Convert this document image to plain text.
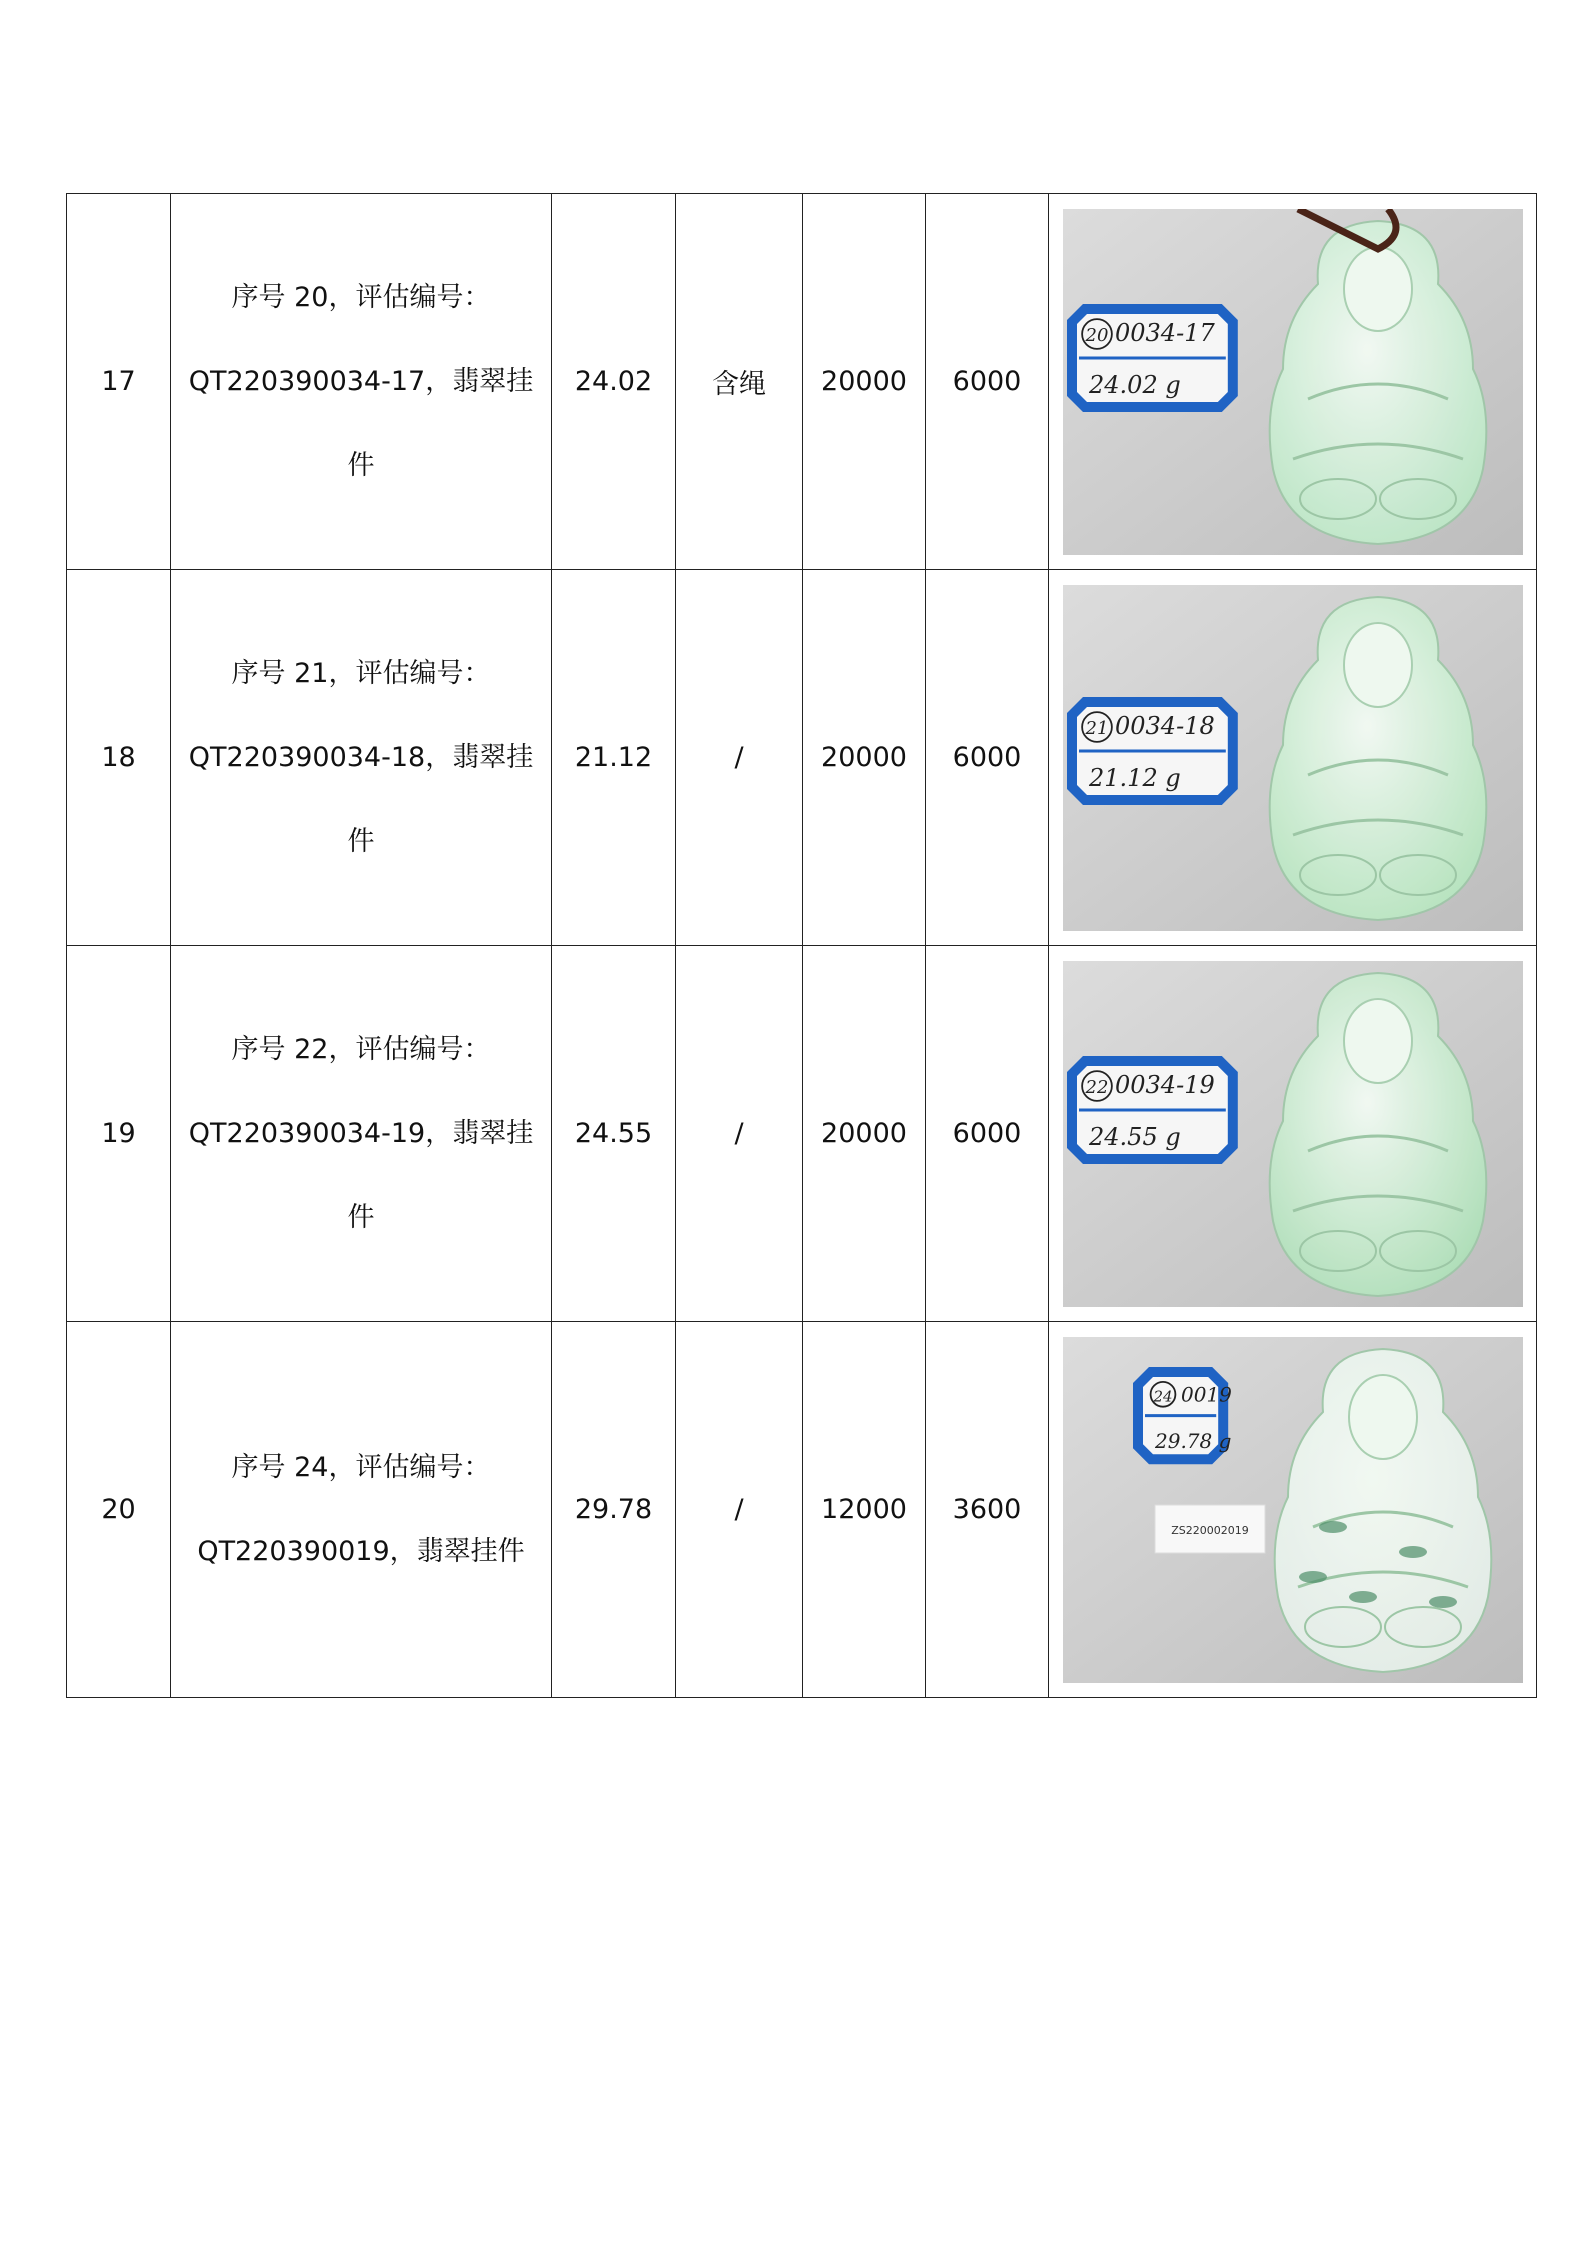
17	序号 20，评估编号：
QT220390034-17，翡翠挂
件	24.02	含绳	20000	6000	20 0034-17
24.02 g

18	序号 21，评估编号：
QT220390034-18，翡翠挂
件	21.12	/	20000	6000	21 0034-18
21.12 g

19	序号 22，评估编号：
QT220390034-19，翡翠挂
件	24.55	/	20000	6000	22 0034-19
24.55 g

20	序号 24，评估编号：
QT220390019，翡翠挂件	29.78	/	12000	3600	24 0019
29.78 g
ZS220002019
